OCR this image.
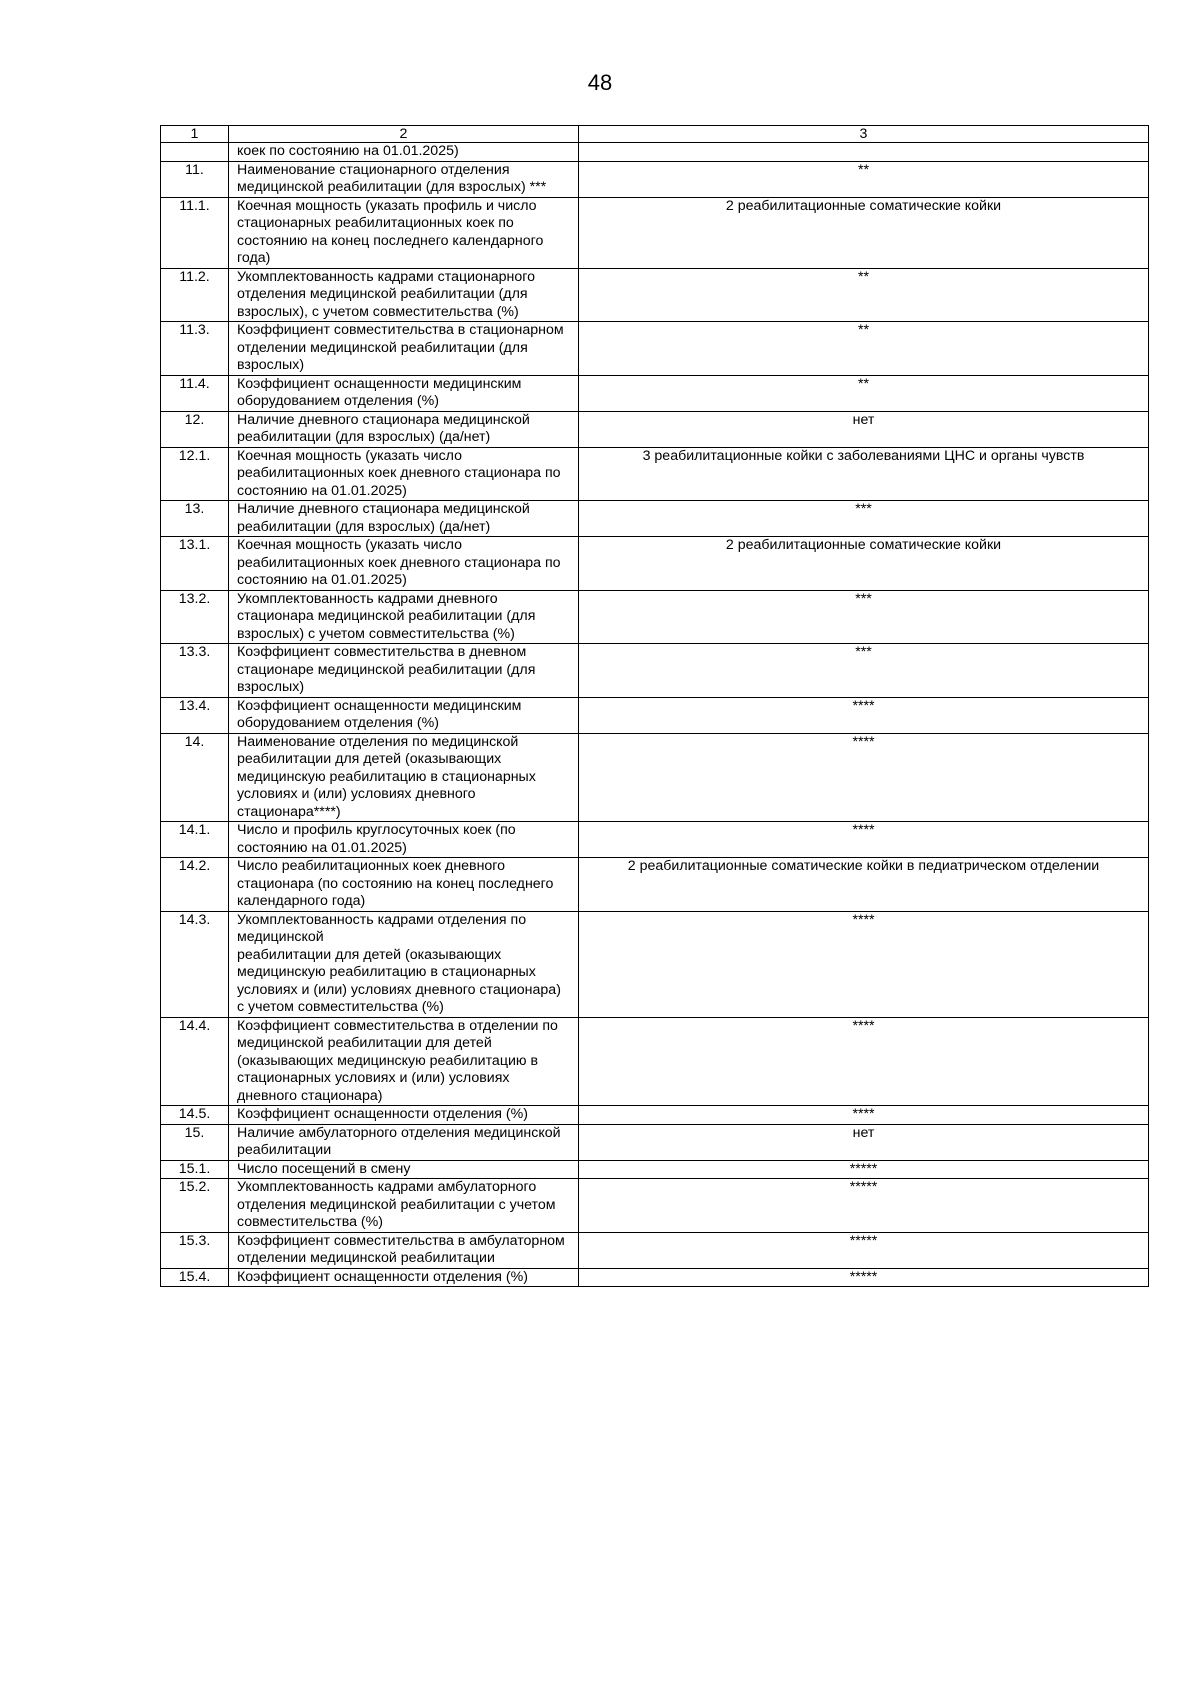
48
1	2	3
	коек по состоянию на 01.01.2025)	
11.	Наименование стационарного отделения медицинской реабилитации (для взрослых) ***	**
11.1.	Коечная мощность (указать профиль и число стационарных реабилитационных коек по состоянию на конец последнего календарного года)	2 реабилитационные соматические койки
11.2.	Укомплектованность кадрами стационарного отделения медицинской реабилитации (для взрослых), с учетом совместительства (%)	**
11.3.	Коэффициент совместительства в стационарном отделении медицинской реабилитации (для взрослых)	**
11.4.	Коэффициент оснащенности медицинским оборудованием отделения (%)	**
12.	Наличие дневного стационара медицинской реабилитации (для взрослых) (да/нет)	нет
12.1.	Коечная мощность (указать число реабилитационных коек дневного стационара по состоянию на 01.01.2025)	3 реабилитационные койки с заболеваниями ЦНС и органы чувств
13.	Наличие дневного стационара медицинской реабилитации (для взрослых) (да/нет)	***
13.1.	Коечная мощность (указать число реабилитационных коек дневного стационара по состоянию на 01.01.2025)	2 реабилитационные соматические койки
13.2.	Укомплектованность кадрами дневного стационара медицинской реабилитации (для взрослых) с учетом совместительства (%)	***
13.3.	Коэффициент совместительства в дневном стационаре медицинской реабилитации (для взрослых)	***
13.4.	Коэффициент оснащенности медицинским оборудованием отделения (%)	****
14.	Наименование отделения по медицинской реабилитации для детей (оказывающих медицинскую реабилитацию в стационарных условиях и (или) условиях дневного стационара****)	****
14.1.	Число и профиль круглосуточных коек (по состоянию на 01.01.2025)	****
14.2.	Число реабилитационных коек дневного стационара (по состоянию на конец последнего календарного года)	2 реабилитационные соматические койки в педиатрическом отделении
14.3.	Укомплектованность кадрами отделения по медицинской
реабилитации для детей (оказывающих медицинскую реабилитацию в стационарных условиях и (или) условиях дневного стационара) с учетом совместительства (%)	****
14.4.	Коэффициент совместительства в отделении по медицинской реабилитации для детей (оказывающих медицинскую реабилитацию в стационарных условиях и (или) условиях дневного стационара)	****
14.5.	Коэффициент оснащенности отделения (%)	****
15.	Наличие амбулаторного отделения медицинской реабилитации	нет
15.1.	Число посещений в смену	*****
15.2.	Укомплектованность кадрами амбулаторного отделения медицинской реабилитации с учетом совместительства (%)	*****
15.3.	Коэффициент совместительства в амбулаторном отделении медицинской реабилитации	*****
15.4.	Коэффициент оснащенности отделения (%)	*****
